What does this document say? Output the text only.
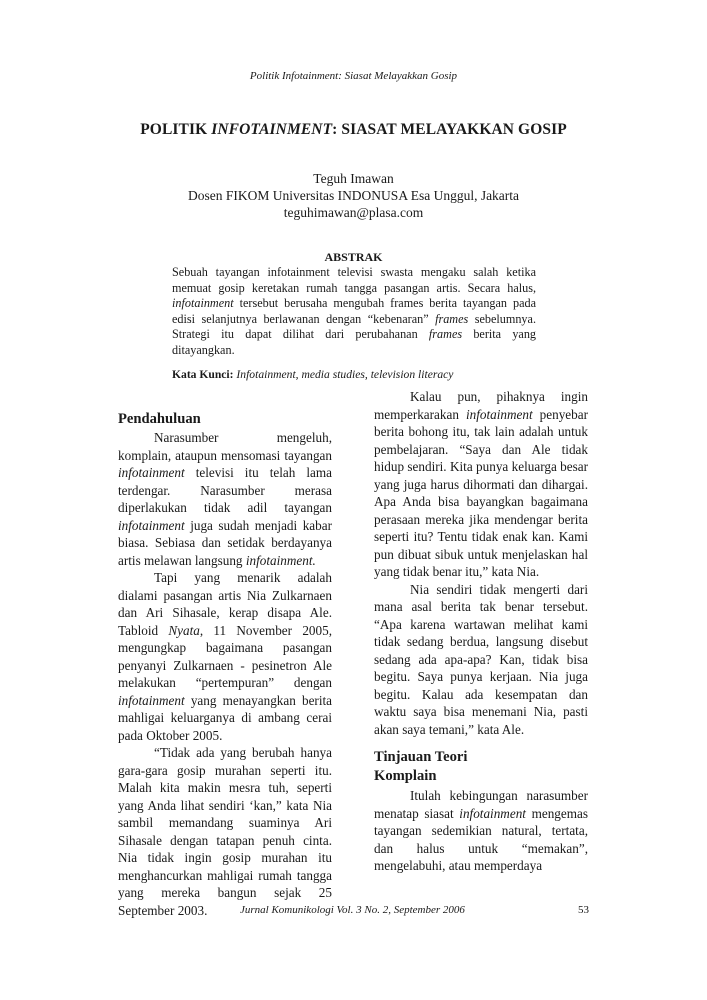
Politik Infotainment: Siasat Melayakkan Gosip
POLITIK INFOTAINMENT: SIASAT MELAYAKKAN GOSIP
Teguh Imawan
Dosen FIKOM Universitas INDONUSA Esa Unggul, Jakarta
teguhimawan@plasa.com
ABSTRAK
Sebuah tayangan infotainment televisi swasta mengaku salah ketika memuat gosip keretakan rumah tangga pasangan artis. Secara halus, infotainment tersebut berusaha mengubah frames berita tayangan pada edisi selanjutnya berlawanan dengan “kebenaran” frames sebelumnya. Strategi itu dapat dilihat dari perubahanan frames berita yang ditayangkan.
Kata Kunci: Infotainment, media studies, television literacy
Pendahuluan

Narasumber mengeluh, komplain, ataupun mensomasi tayangan infotainment televisi itu telah lama terdengar. Narasumber merasa diperlakukan tidak adil tayangan infotainment juga sudah menjadi kabar biasa. Sebiasa dan setidak berdayanya artis melawan langsung infotainment.

Tapi yang menarik adalah dialami pasangan artis Nia Zulkarnaen dan Ari Sihasale, kerap disapa Ale. Tabloid Nyata, 11 November 2005, mengungkap bagaimana pasangan penyanyi Zulkarnaen - pesinetron Ale melakukan “pertempuran” dengan infotainment yang menayangkan berita mahligai keluarganya di ambang cerai pada Oktober 2005.

“Tidak ada yang berubah hanya gara-gara gosip murahan seperti itu. Malah kita makin mesra tuh, seperti yang Anda lihat sendiri ‘kan,” kata Nia sambil memandang suaminya Ari Sihasale dengan tatapan penuh cinta. Nia tidak ingin gosip murahan itu menghancurkan mahligai rumah tangga yang mereka bangun sejak 25 September 2003.

Kalau pun, pihaknya ingin memperkarakan infotainment penyebar berita bohong itu, tak lain adalah untuk pembelajaran. “Saya dan Ale tidak hidup sendiri. Kita punya keluarga besar yang juga harus dihormati dan dihargai. Apa Anda bisa bayangkan bagaimana perasaan mereka jika mendengar berita seperti itu? Tentu tidak enak kan. Kami pun dibuat sibuk untuk menjelaskan hal yang tidak benar itu,” kata Nia.

Nia sendiri tidak mengerti dari mana asal berita tak benar tersebut. “Apa karena wartawan melihat kami tidak sedang berdua, langsung disebut sedang ada apa-apa? Kan, tidak bisa begitu. Saya punya kerjaan. Nia juga begitu. Kalau ada kesempatan dan waktu saya bisa menemani Nia, pasti akan saya temani,” kata Ale.

Tinjauan Teori
Komplain

Itulah kebingungan narasumber menatap siasat infotainment mengemas tayangan sedemikian natural, tertata, dan halus untuk “memakan”, mengelabuhi, atau memperdaya

Jurnal Komunikologi Vol. 3 No. 2, September 2006	53
